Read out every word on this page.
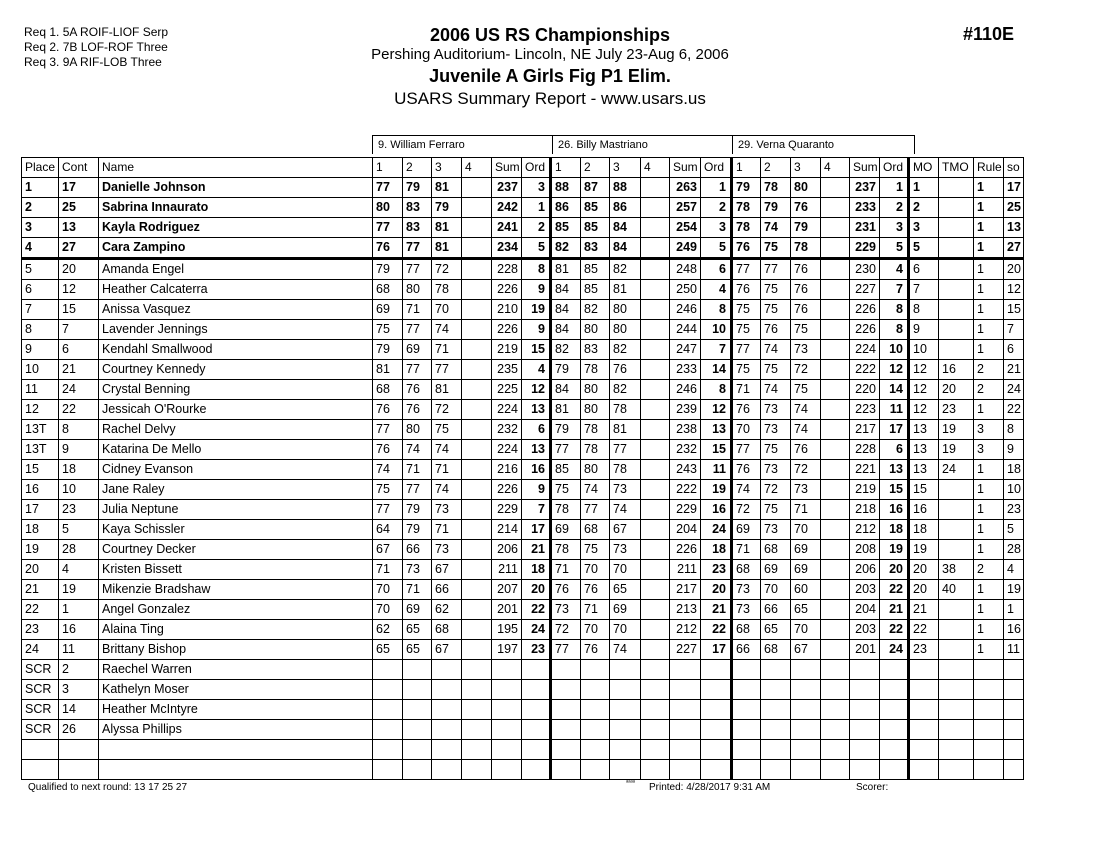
Req 1. 5A ROIF-LIOF Serp
Req 2. 7B LOF-ROF Three
Req 3. 9A RIF-LOB Three
2006 US RS Championships
Pershing Auditorium- Lincoln, NE July 23-Aug 6, 2006
Juvenile A Girls Fig P1 Elim.
USARS Summary Report - www.usars.us
#110E
9. William Ferraro	26. Billy Mastriano	29. Verna Quaranto
Place	Cont	Name	1	2	3	4	Sum	Ord	1	2	3	4	Sum	Ord	1	2	3	4	Sum	Ord	MO	TMO	Rule	so
1	17	Danielle Johnson	77	79	81		237	3	88	87	88		263	1	79	78	80		237	1	1		1	17
2	25	Sabrina Innaurato	80	83	79		242	1	86	85	86		257	2	78	79	76		233	2	2		1	25
3	13	Kayla Rodriguez	77	83	81		241	2	85	85	84		254	3	78	74	79		231	3	3		1	13
4	27	Cara Zampino	76	77	81		234	5	82	83	84		249	5	76	75	78		229	5	5		1	27
5	20	Amanda Engel	79	77	72		228	8	81	85	82		248	6	77	77	76		230	4	6		1	20
6	12	Heather Calcaterra	68	80	78		226	9	84	85	81		250	4	76	75	76		227	7	7		1	12
7	15	Anissa Vasquez	69	71	70		210	19	84	82	80		246	8	75	75	76		226	8	8		1	15
8	7	Lavender Jennings	75	77	74		226	9	84	80	80		244	10	75	76	75		226	8	9		1	7
9	6	Kendahl Smallwood	79	69	71		219	15	82	83	82		247	7	77	74	73		224	10	10		1	6
10	21	Courtney Kennedy	81	77	77		235	4	79	78	76		233	14	75	75	72		222	12	12	16	2	21
11	24	Crystal Benning	68	76	81		225	12	84	80	82		246	8	71	74	75		220	14	12	20	2	24
12	22	Jessicah O'Rourke	76	76	72		224	13	81	80	78		239	12	76	73	74		223	11	12	23	1	22
13T	8	Rachel Delvy	77	80	75		232	6	79	78	81		238	13	70	73	74		217	17	13	19	3	8
13T	9	Katarina De Mello	76	74	74		224	13	77	78	77		232	15	77	75	76		228	6	13	19	3	9
15	18	Cidney Evanson	74	71	71		216	16	85	80	78		243	11	76	73	72		221	13	13	24	1	18
16	10	Jane Raley	75	77	74		226	9	75	74	73		222	19	74	72	73		219	15	15		1	10
17	23	Julia Neptune	77	79	73		229	7	78	77	74		229	16	72	75	71		218	16	16		1	23
18	5	Kaya Schissler	64	79	71		214	17	69	68	67		204	24	69	73	70		212	18	18		1	5
19	28	Courtney Decker	67	66	73		206	21	78	75	73		226	18	71	68	69		208	19	19		1	28
20	4	Kristen Bissett	71	73	67		211	18	71	70	70		211	23	68	69	69		206	20	20	38	2	4
21	19	Mikenzie Bradshaw	70	71	66		207	20	76	76	65		217	20	73	70	60		203	22	20	40	1	19
22	1	Angel Gonzalez	70	69	62		201	22	73	71	69		213	21	73	66	65		204	21	21		1	1
23	16	Alaina Ting	62	65	68		195	24	72	70	70		212	22	68	65	70		203	22	22		1	16
24	11	Brittany Bishop	65	65	67		197	23	77	76	74		227	17	66	68	67		201	24	23		1	11
SCR	2	Raechel Warren																						
SCR	3	Kathelyn Moser																						
SCR	14	Heather McIntyre																						
SCR	26	Alyssa Phillips																						

Qualified to next round: 13 17 25 27	ᵃᵃᵃᵃ Printed: 4/28/2017 9:31 AM	Scorer:
